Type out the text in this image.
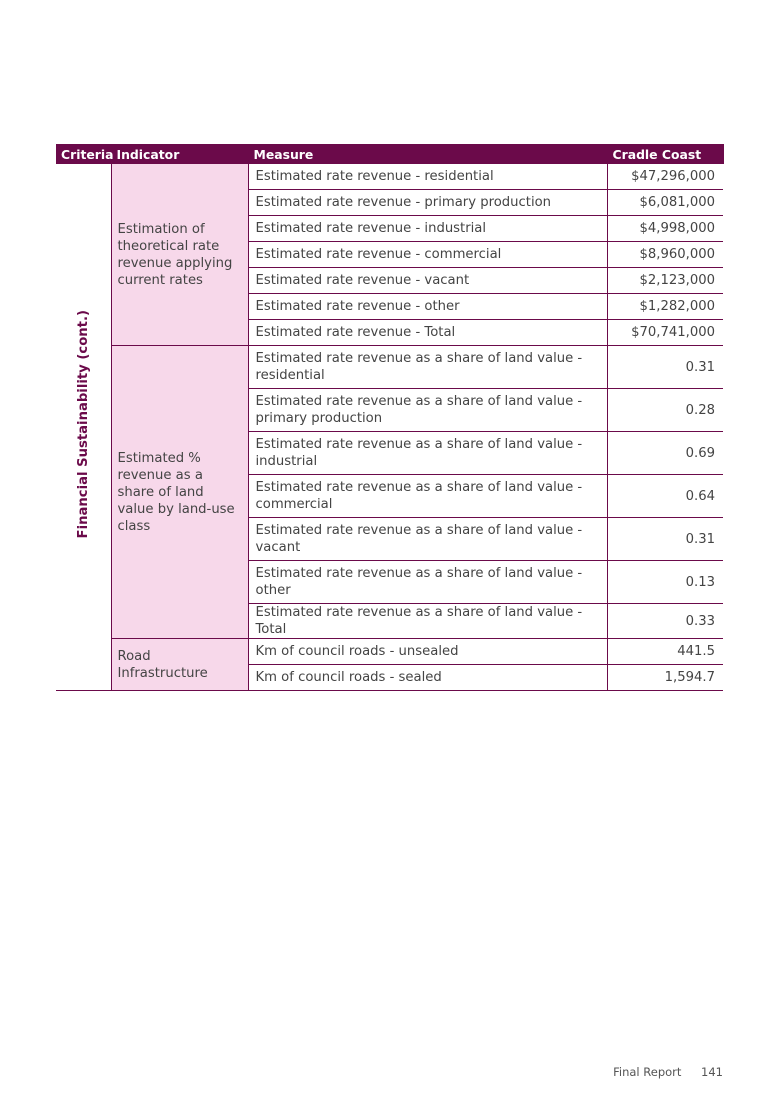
Criteria	Indicator	Measure	Cradle Coast
Financial Sustainability (cont.)	Estimation of theoretical rate revenue applying current rates	Estimated rate revenue - residential	$47,296,000
		Estimated rate revenue - primary production	$6,081,000
		Estimated rate revenue - industrial	$4,998,000
		Estimated rate revenue - commercial	$8,960,000
		Estimated rate revenue - vacant	$2,123,000
		Estimated rate revenue - other	$1,282,000
		Estimated rate revenue - Total	$70,741,000
	Estimated % revenue as a share of land value by land-use class	Estimated rate revenue as a share of land value - residential	0.31
		Estimated rate revenue as a share of land value - primary production	0.28
		Estimated rate revenue as a share of land value - industrial	0.69
		Estimated rate revenue as a share of land value - commercial	0.64
		Estimated rate revenue as a share of land value - vacant	0.31
		Estimated rate revenue as a share of land value - other	0.13
		Estimated rate revenue as a share of land value - Total	0.33
	Road Infrastructure	Km of council roads - unsealed	441.5
		Km of council roads - sealed	1,594.7
Final Report 141
